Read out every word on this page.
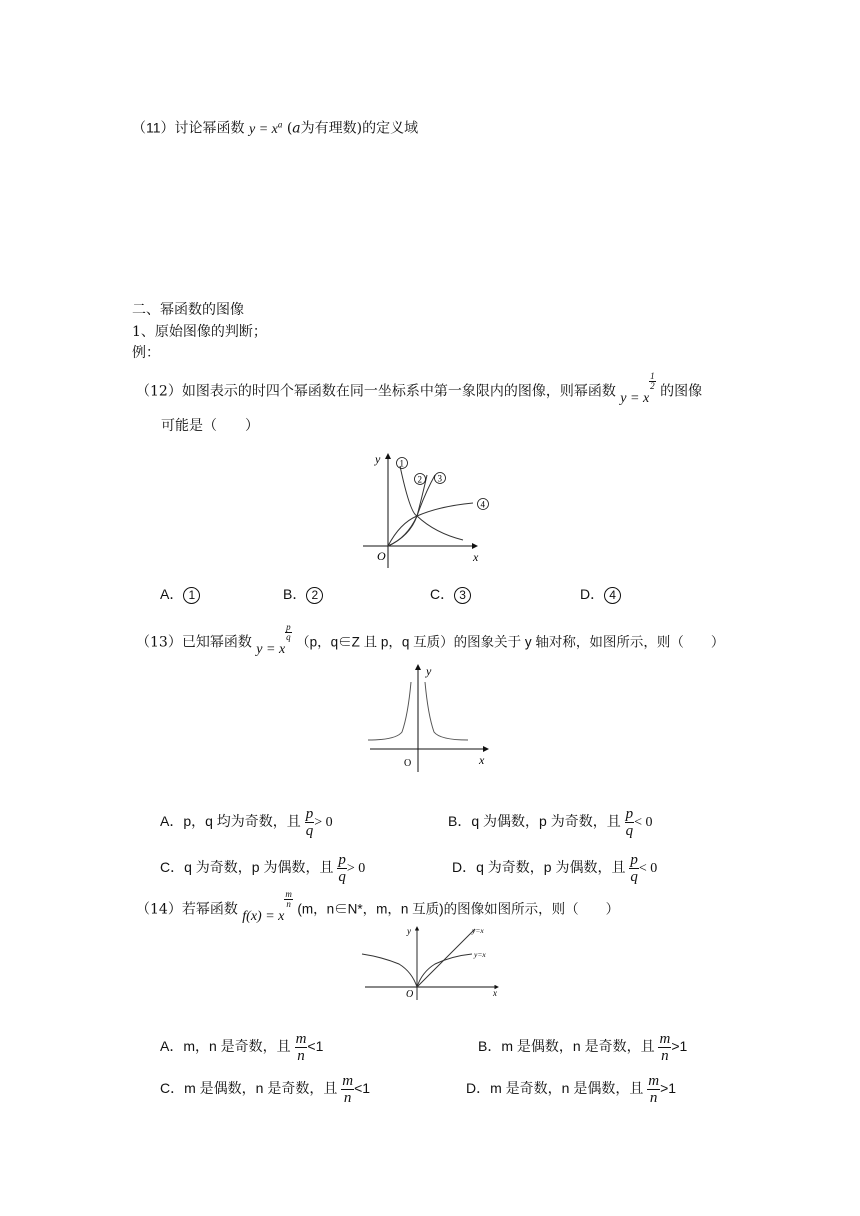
（11）讨论幂函数 $y = x^a$ (a为有理数)的定义域
二、幂函数的图像
1、原始图像的判断；
例：
（12）如图表示的时四个幂函数在同一坐标系中第一象限内的图像，则幂函数 y = x
$^{\frac{1}{2}}$
的图像
可能是（　　）
y
x
O
1
2 3
4
A． 1	B． 2	C． 3	D． 4
（13）已知幂函数 y = x
$^{\frac{p}{q}}$ （p，q∈Z 且 p，q 互质）的图象关于 y 轴对称，如图所示，则（　　）
y
x
O
A．p，q 均为奇数，且 $\frac{p}{q} > 0$	B．q 为偶数，p 为奇数，且 $\frac{p}{q} < 0$
C．q 为奇数，p 为偶数，且 $\frac{p}{q} > 0$	D．q 为奇数，p 为偶数，且 $\frac{p}{q} < 0$
（14）若幂函数 f(x) = x
$^{\frac{m}{n}}$ (m，n∈N*，m，n 互质)的图像如图所示，则（　　）
y
x
O
y=x
y=x
A．m，n 是奇数，且 $\frac{m}{n} <1$	B．m 是偶数，n 是奇数，且 $\frac{m}{n} >1$
C．m 是偶数，n 是奇数，且 $\frac{m}{n} <1$	D．m 是奇数，n 是偶数，且 $\frac{m}{n} >1$
